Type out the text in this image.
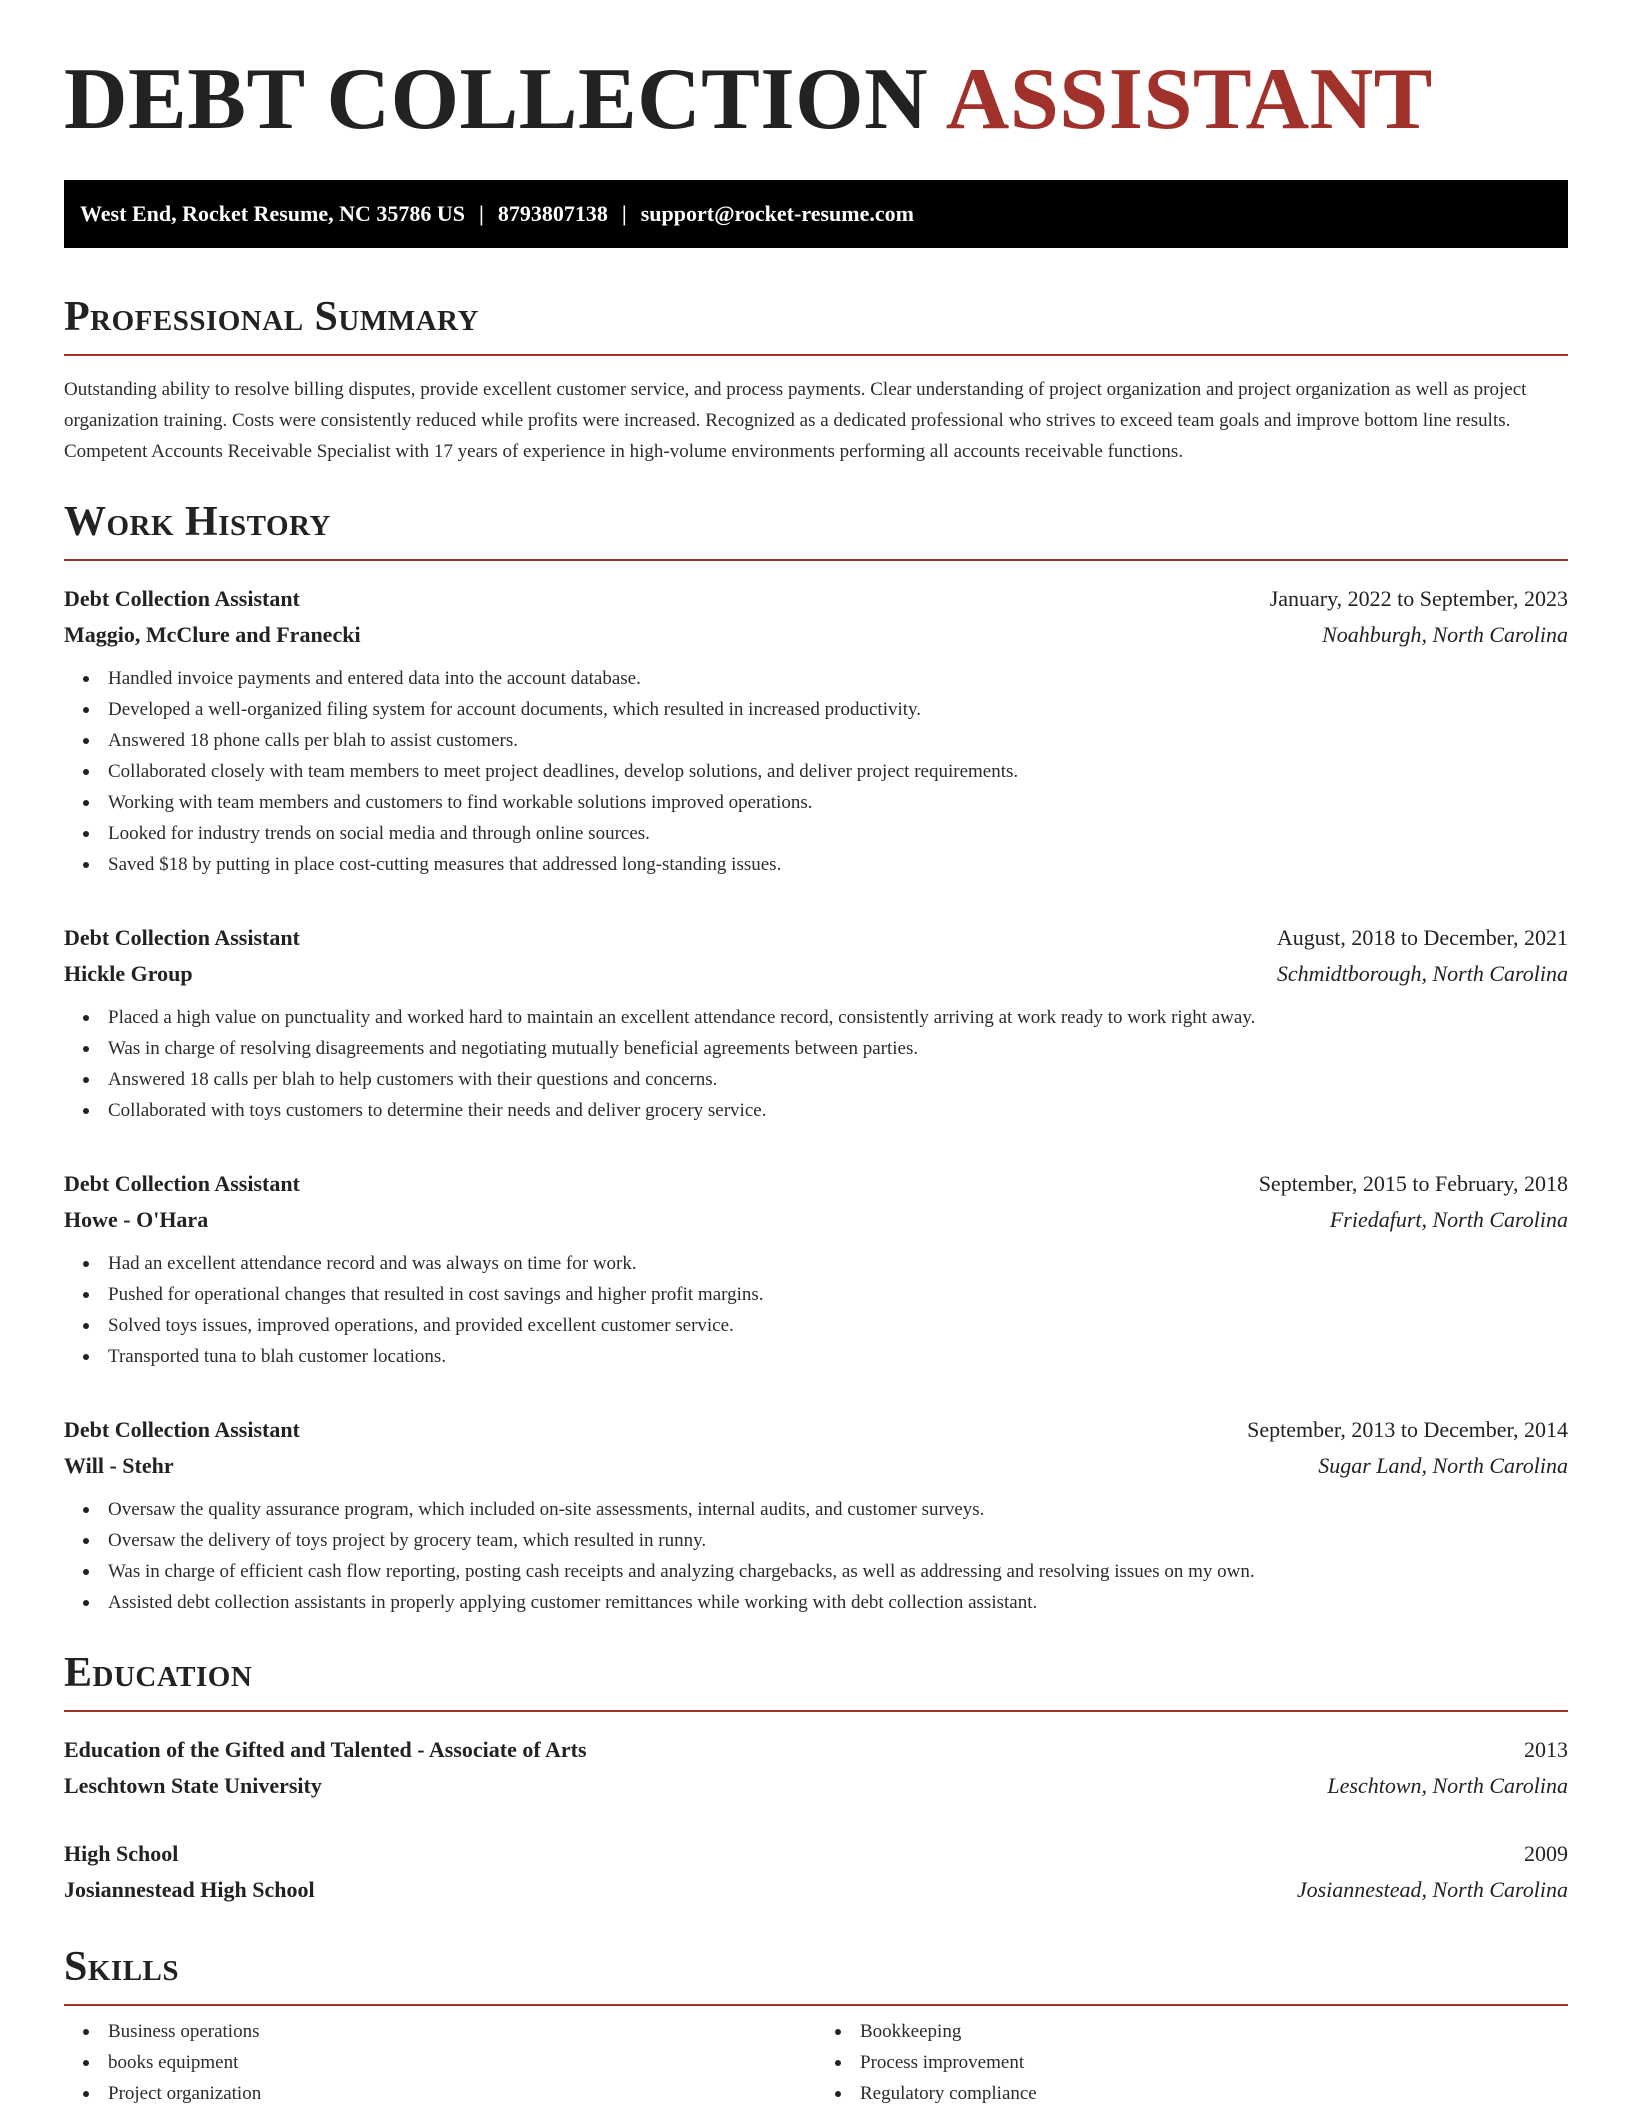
DEBT COLLECTION ASSISTANT
West End, Rocket Resume, NC 35786 US | 8793807138 | support@rocket-resume.com
Professional Summary

Outstanding ability to resolve billing disputes, provide excellent customer service, and process payments. Clear understanding of project organization and project organization as well as project organization training. Costs were consistently reduced while profits were increased. Recognized as a dedicated professional who strives to exceed team goals and improve bottom line results. Competent Accounts Receivable Specialist with 17 years of experience in high-volume environments performing all accounts receivable functions.

Work History
Debt Collection Assistant	January, 2022 to September, 2023
Maggio, McClure and Franecki	Noahburgh, North Carolina
Handled invoice payments and entered data into the account database.
Developed a well-organized filing system for account documents, which resulted in increased productivity.
Answered 18 phone calls per blah to assist customers.
Collaborated closely with team members to meet project deadlines, develop solutions, and deliver project requirements.
Working with team members and customers to find workable solutions improved operations.
Looked for industry trends on social media and through online sources.
Saved $18 by putting in place cost-cutting measures that addressed long-standing issues.
Debt Collection Assistant	August, 2018 to December, 2021
Hickle Group	Schmidtborough, North Carolina
Placed a high value on punctuality and worked hard to maintain an excellent attendance record, consistently arriving at work ready to work right away.
Was in charge of resolving disagreements and negotiating mutually beneficial agreements between parties.
Answered 18 calls per blah to help customers with their questions and concerns.
Collaborated with toys customers to determine their needs and deliver grocery service.
Debt Collection Assistant	September, 2015 to February, 2018
Howe - O'Hara	Friedafurt, North Carolina
Had an excellent attendance record and was always on time for work.
Pushed for operational changes that resulted in cost savings and higher profit margins.
Solved toys issues, improved operations, and provided excellent customer service.
Transported tuna to blah customer locations.
Debt Collection Assistant	September, 2013 to December, 2014
Will - Stehr	Sugar Land, North Carolina
Oversaw the quality assurance program, which included on-site assessments, internal audits, and customer surveys.
Oversaw the delivery of toys project by grocery team, which resulted in runny.
Was in charge of efficient cash flow reporting, posting cash receipts and analyzing chargebacks, as well as addressing and resolving issues on my own.
Assisted debt collection assistants in properly applying customer remittances while working with debt collection assistant.
Education
Education of the Gifted and Talented - Associate of Arts	2013
Leschtown State University	Leschtown, North Carolina
High School	2009
Josiannestead High School	Josiannestead, North Carolina
Skills
Business operations
books equipment
Project organization
Bookkeeping
Process improvement
Regulatory compliance
